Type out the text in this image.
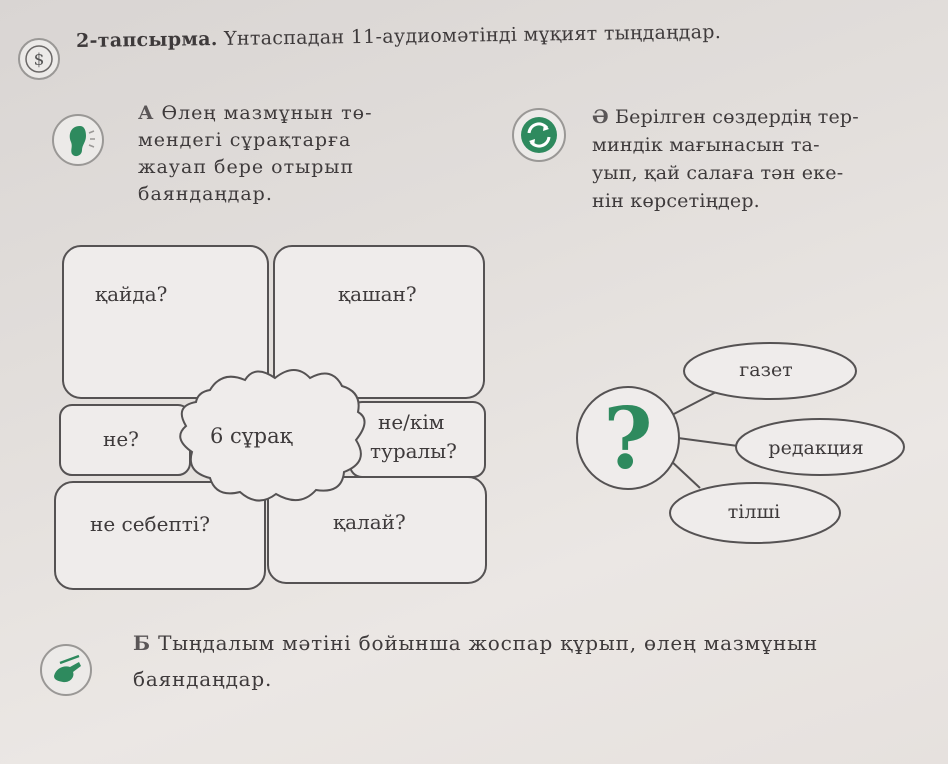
$
2-тапсырма. Үнтаспадан 11-аудиомәтінді мұқият тыңдаңдар.
А Өлең мазмұнын тө-
мендегі сұрақтарға
жауап бере отырып
баяндаңдар.
Ә Берілген сөздердің тер-
миндік мағынасын та-
уып, қай салаға тән еке-
нін көрсетіңдер.
қайда?	қашан?
не?	6 сұрақ
не/кім
туралы?
не себепті?	қалай?
?
газет
редакция
тілші
Б Тыңдалым мәтіні бойынша жоспар құрып, өлең мазмұнын
баяндаңдар.
